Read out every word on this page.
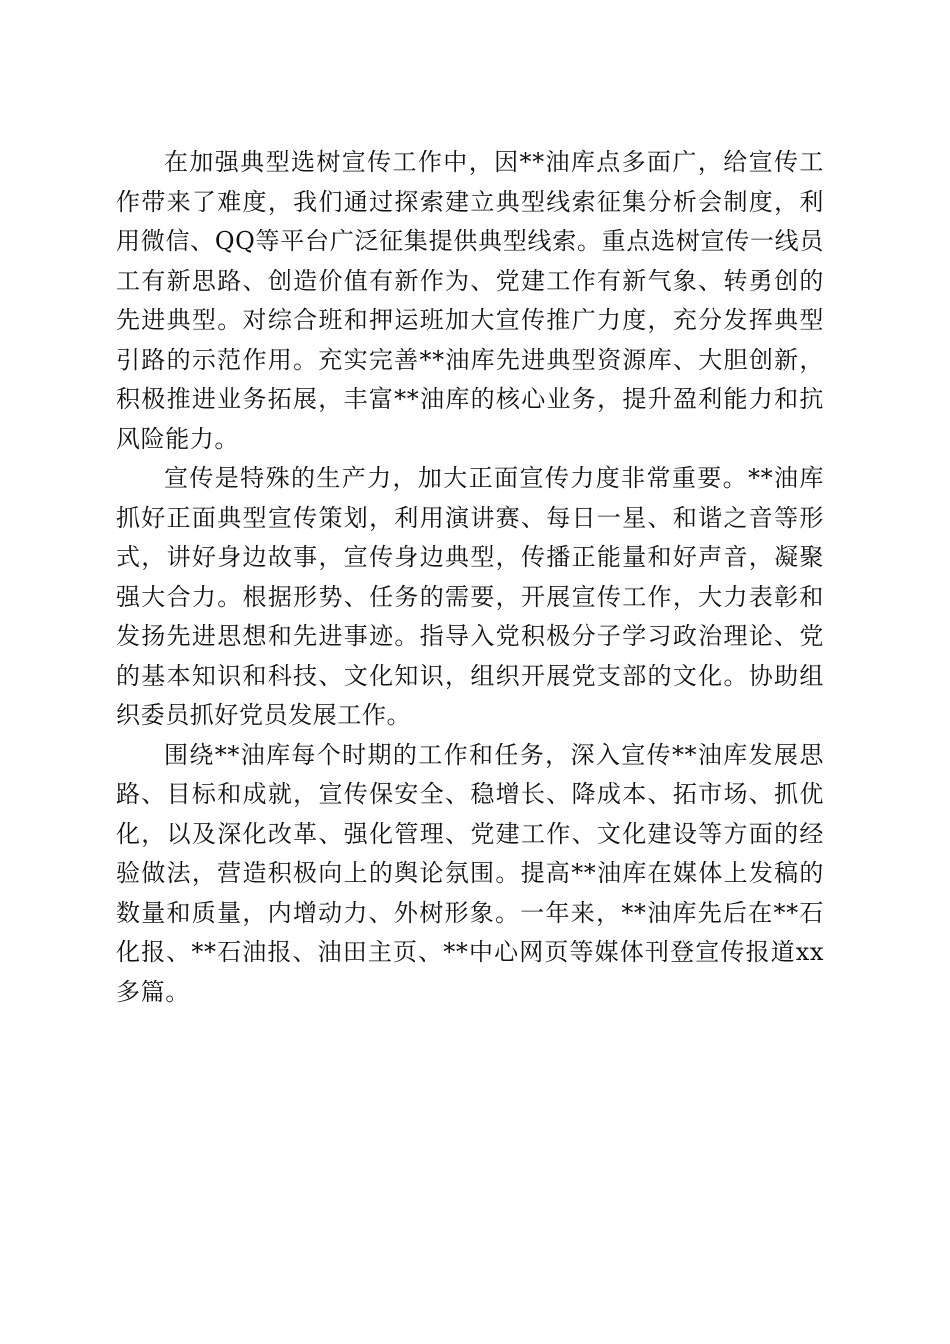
在加强典型选树宣传工作中，因**油库点多面广，给宣传工作带来了难度，我们通过探索建立典型线索征集分析会制度，利用微信、QQ等平台广泛征集提供典型线索。重点选树宣传一线员工有新思路、创造价值有新作为、党建工作有新气象、转勇创的先进典型。对综合班和押运班加大宣传推广力度，充分发挥典型引路的示范作用。充实完善**油库先进典型资源库、大胆创新，积极推进业务拓展，丰富**油库的核心业务，提升盈利能力和抗风险能力。

宣传是特殊的生产力，加大正面宣传力度非常重要。**油库抓好正面典型宣传策划，利用演讲赛、每日一星、和谐之音等形式，讲好身边故事，宣传身边典型，传播正能量和好声音，凝聚强大合力。根据形势、任务的需要，开展宣传工作，大力表彰和发扬先进思想和先进事迹。指导入党积极分子学习政治理论、党的基本知识和科技、文化知识，组织开展党支部的文化。协助组织委员抓好党员发展工作。

围绕**油库每个时期的工作和任务，深入宣传**油库发展思路、目标和成就，宣传保安全、稳增长、降成本、拓市场、抓优化，以及深化改革、强化管理、党建工作、文化建设等方面的经验做法，营造积极向上的舆论氛围。提高**油库在媒体上发稿的数量和质量，内增动力、外树形象。一年来，**油库先后在**石化报、**石油报、油田主页、**中心网页等媒体刊登宣传报道xx多篇。
